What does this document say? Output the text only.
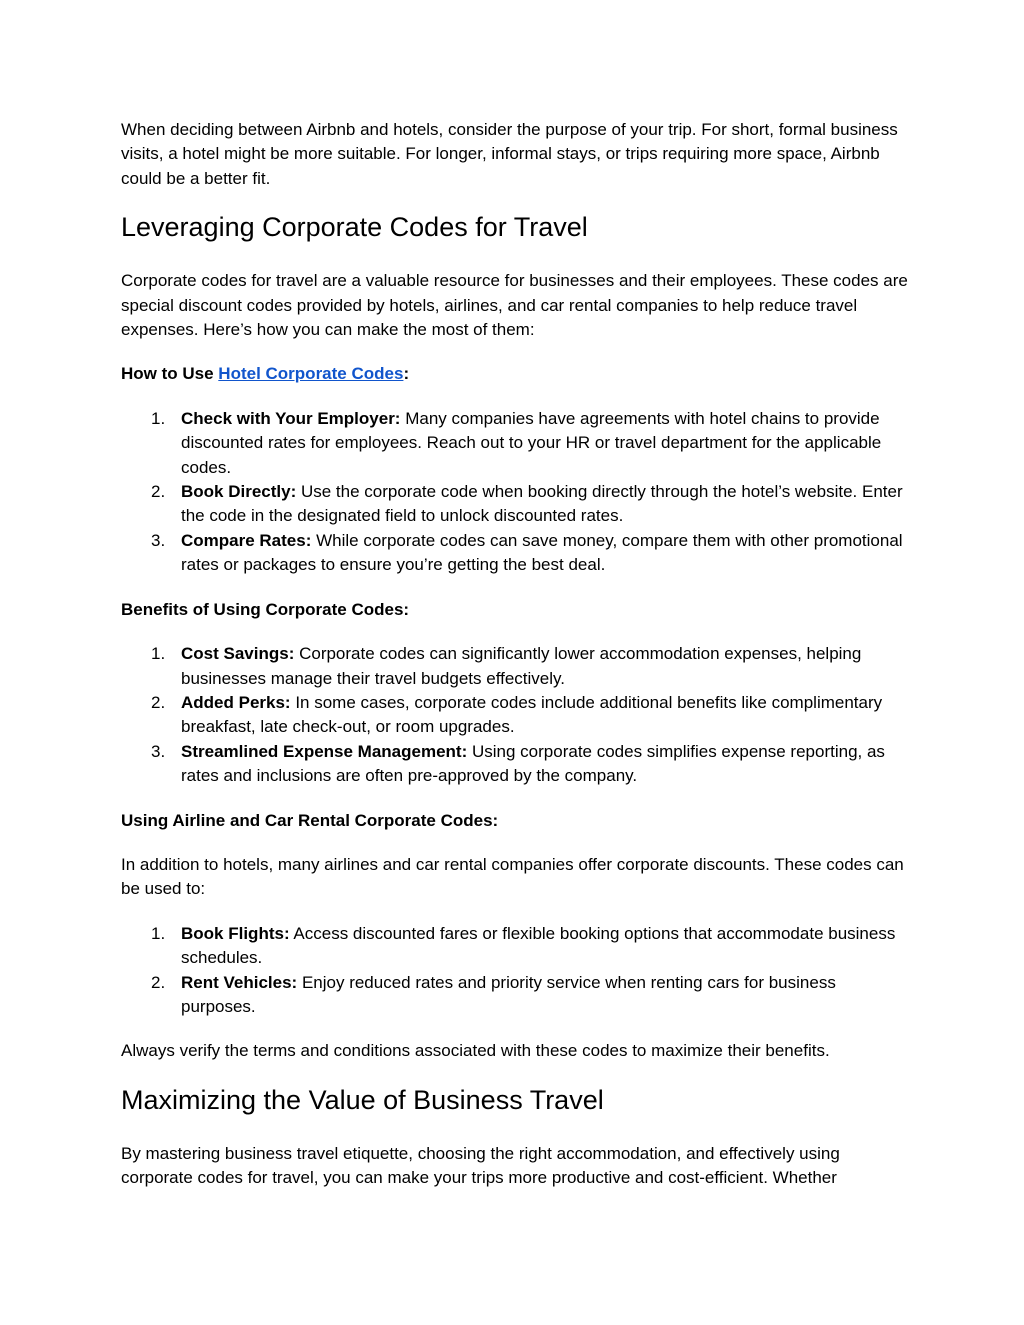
When deciding between Airbnb and hotels, consider the purpose of your trip. For short, formal business visits, a hotel might be more suitable. For longer, informal stays, or trips requiring more space, Airbnb could be a better fit.

Leveraging Corporate Codes for Travel

Corporate codes for travel are a valuable resource for businesses and their employees. These codes are special discount codes provided by hotels, airlines, and car rental companies to help reduce travel expenses. Here’s how you can make the most of them:

How to Use Hotel Corporate Codes:
1. Check with Your Employer: Many companies have agreements with hotel chains to provide discounted rates for employees. Reach out to your HR or travel department for the applicable codes.
2. Book Directly: Use the corporate code when booking directly through the hotel’s website. Enter the code in the designated field to unlock discounted rates.
3. Compare Rates: While corporate codes can save money, compare them with other promotional rates or packages to ensure you’re getting the best deal.
Benefits of Using Corporate Codes:
1. Cost Savings: Corporate codes can significantly lower accommodation expenses, helping businesses manage their travel budgets effectively.
2. Added Perks: In some cases, corporate codes include additional benefits like complimentary breakfast, late check-out, or room upgrades.
3. Streamlined Expense Management: Using corporate codes simplifies expense reporting, as rates and inclusions are often pre-approved by the company.
Using Airline and Car Rental Corporate Codes:

In addition to hotels, many airlines and car rental companies offer corporate discounts. These codes can be used to:

1. Book Flights: Access discounted fares or flexible booking options that accommodate business schedules.
2. Rent Vehicles: Enjoy reduced rates and priority service when renting cars for business purposes.

Always verify the terms and conditions associated with these codes to maximize their benefits.

Maximizing the Value of Business Travel

By mastering business travel etiquette, choosing the right accommodation, and effectively using corporate codes for travel, you can make your trips more productive and cost-efficient. Whether
